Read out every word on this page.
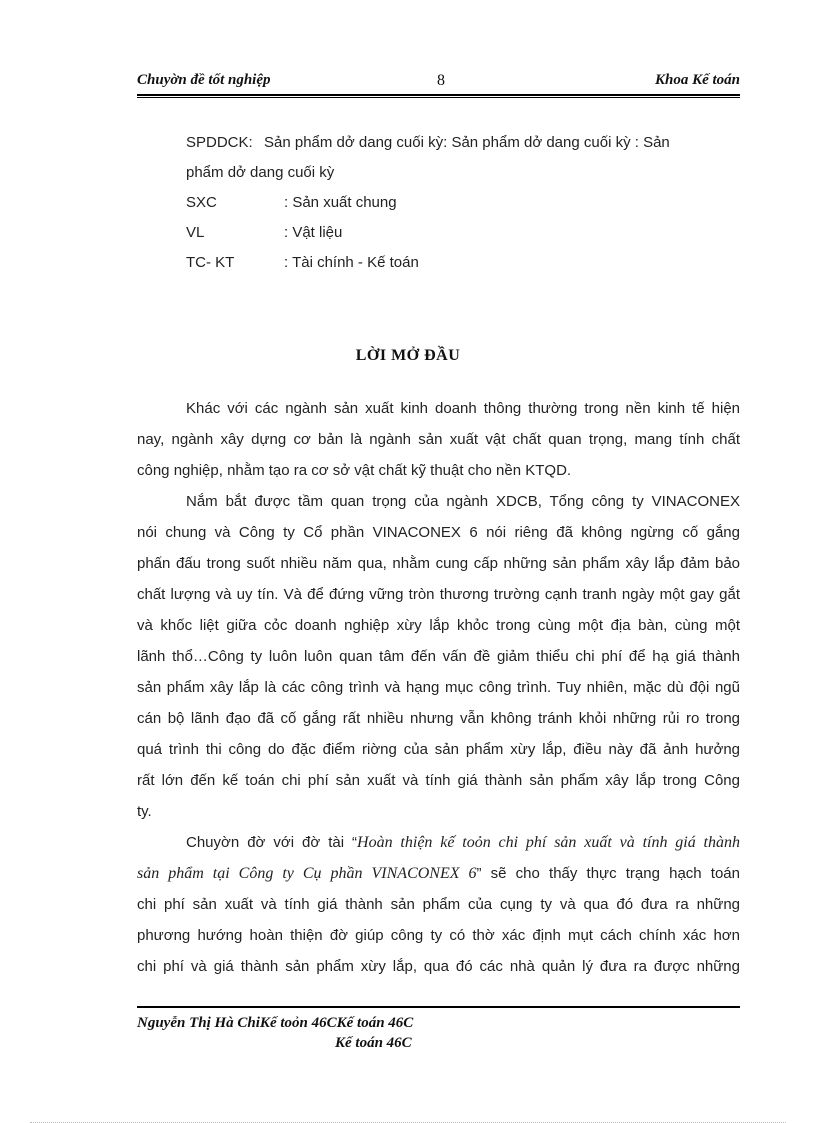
Chuyờn đề tốt nghiệp	8	Khoa Kế toán
SPDDCK: Sản phẩm dở dang cuối kỳ: Sản phẩm dở dang cuối kỳ : Sản
phẩm dở dang cuối kỳ
SXC	: Sản xuất chung
VL	: Vật liệu
TC- KT	: Tài chính - Kế toán
LỜI MỞ ĐẦU
Khác với các ngành sản xuất kinh doanh thông thường trong nền kinh tế hiện
nay, ngành xây dựng cơ bản là ngành sản xuất vật chất quan trọng, mang tính chất
công nghiệp, nhằm tạo ra cơ sở vật chất kỹ thuật cho nền KTQD.
Nắm bắt được tầm quan trọng của ngành XDCB, Tổng công ty VINACONEX
nói chung và Công ty Cổ phần VINACONEX 6 nói riêng đã không ngừng cố gắng
phấn đấu trong suốt nhiều năm qua, nhằm cung cấp những sản phẩm xây lắp đảm bảo
chất lượng và uy tín. Và để đứng vững tròn thương trường cạnh tranh ngày một gay gắt
và khốc liệt giữa cỏc doanh nghiệp xừy lắp khỏc trong cùng một địa bàn, cùng một
lãnh thổ…Công ty luôn luôn quan tâm đến vấn đề giảm thiểu chi phí để hạ giá thành
sản phẩm xây lắp là các công trình và hạng mục công trình. Tuy nhiên, mặc dù đội ngũ
cán bộ lãnh đạo đã cố gắng rất nhiều nhưng vẫn không tránh khỏi những rủi ro trong
quá trình thi công do đặc điểm riờng của sản phẩm xừy lắp, điều này đã ảnh hưởng
rất lớn đến kế toán chi phí sản xuất và tính giá thành sản phẩm xây lắp trong Công
ty.
Chuyờn đờ với đờ tài “Hoàn thiện kế toỏn chi phí sản xuất và tính giá thành
sản phẩm tại Công ty Cụ phần VINACONEX 6” sẽ cho thấy thực trạng hạch toán
chi phí sản xuất và tính giá thành sản phẩm của cụng ty và qua đó đưa ra những
phương hướng hoàn thiện đờ giúp công ty có thờ xác định mụt cách chính xác hơn
chi phí và giá thành sản phẩm xừy lắp, qua đó các nhà quản lý đưa ra được những
Nguyễn Thị Hà ChiKế toỏn 46CKế toán 46C
Kế toán 46C
